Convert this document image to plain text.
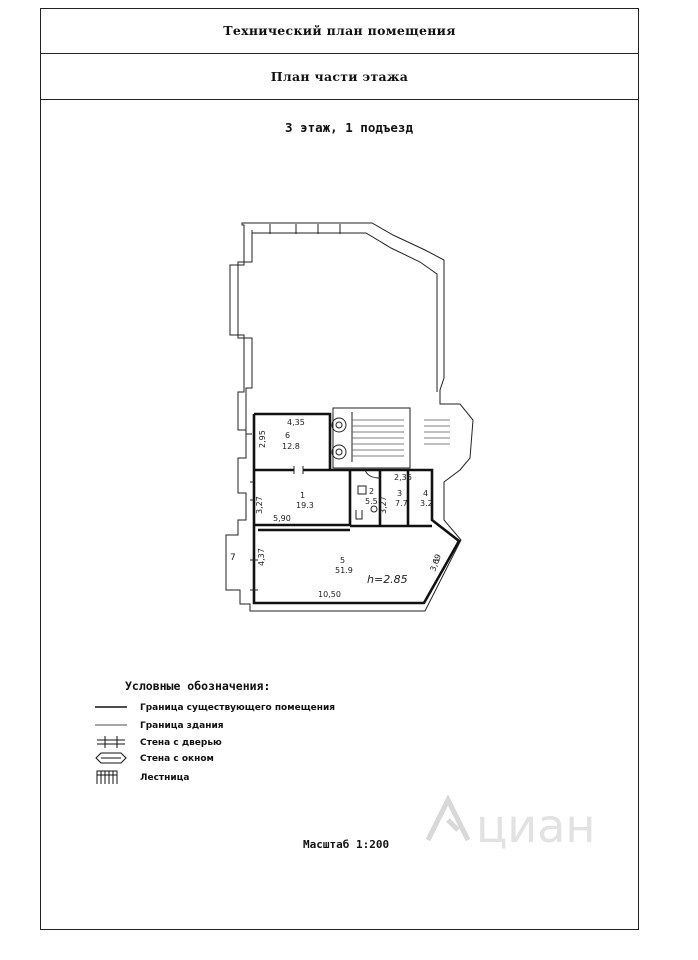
Технический план помещения
План части этажа
3 этаж, 1 подъезд
4,35
2,95 6
12.8
3,27
1
19.3
5,90
2
5.5
2,36
3,27
3
7.7
4
3.2
7	4,37	5
51.9
h=2.85
10,50
3,69
Условные обозначения:
Граница существующего помещения
Граница здания
Стена с дверью
Стена с окном
Лестница
Масштаб 1:200 циан
